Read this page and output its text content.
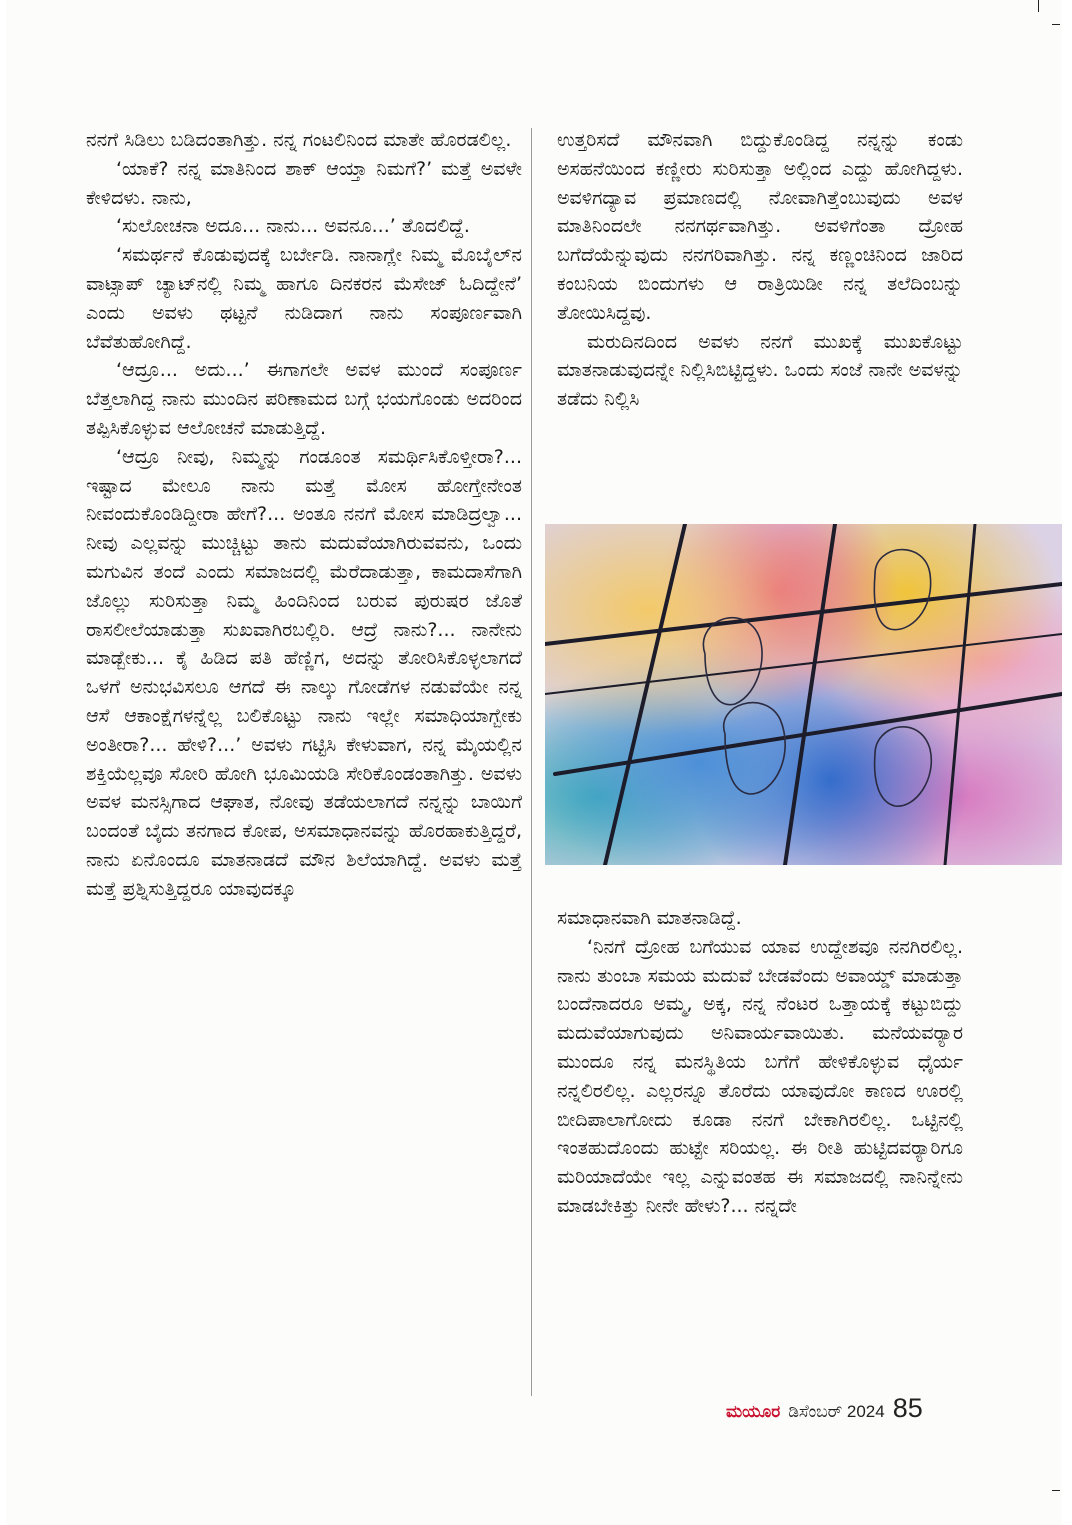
ನನಗೆ ಸಿಡಿಲು ಬಡಿದಂತಾಗಿತ್ತು. ನನ್ನ ಗಂಟಲಿನಿಂದ ಮಾತೇ ಹೊರಡಲಿಲ್ಲ.

‘ಯಾಕೆ? ನನ್ನ ಮಾತಿನಿಂದ ಶಾಕ್ ಆಯ್ತಾ ನಿಮಗೆ?’ ಮತ್ತೆ ಅವಳೇ ಕೇಳಿದಳು. ನಾನು,

‘ಸುಲೋಚನಾ ಅದೂ... ನಾನು... ಅವನೂ...’ ತೊದಲಿದ್ದೆ.

‘ಸಮರ್ಥನೆ ಕೊಡುವುದಕ್ಕೆ ಬರ್ಬೇಡಿ. ನಾನಾಗ್ಲೇ ನಿಮ್ಮ ಮೊಬೈಲ್‌ನ ವಾಟ್ಸಾಪ್ ಚ್ಯಾಟ್‌ನಲ್ಲಿ ನಿಮ್ಮ ಹಾಗೂ ದಿನಕರನ ಮೆಸೇಜ್ ಓದಿದ್ದೇನೆ’ ಎಂದು ಅವಳು ಥಟ್ಟನೆ ನುಡಿದಾಗ ನಾನು ಸಂಪೂರ್ಣವಾಗಿ ಬೆವೆತುಹೋಗಿದ್ದೆ.

‘ಆದ್ರೂ... ಅದು...’ ಈಗಾಗಲೇ ಅವಳ ಮುಂದೆ ಸಂಪೂರ್ಣ ಬೆತ್ತಲಾಗಿದ್ದ ನಾನು ಮುಂದಿನ ಪರಿಣಾಮದ ಬಗ್ಗೆ ಭಯಗೊಂಡು ಅದರಿಂದ ತಪ್ಪಿಸಿಕೊಳ್ಳುವ ಆಲೋಚನೆ ಮಾಡುತ್ತಿದ್ದೆ.

‘ಆದ್ರೂ ನೀವು, ನಿಮ್ಮನ್ನು ಗಂಡೂಂತ ಸಮರ್ಥಿಸಿಕೊಳ್ತೀರಾ?... ಇಷ್ಟಾದ ಮೇಲೂ ನಾನು ಮತ್ತೆ ಮೋಸ ಹೋಗ್ತೇನೇಂತ ನೀವಂದುಕೊಂಡಿದ್ದೀರಾ ಹೇಗೆ?... ಅಂತೂ ನನಗೆ ಮೋಸ ಮಾಡಿದ್ರಲ್ವಾ... ನೀವು ಎಲ್ಲವನ್ನು ಮುಚ್ಚಿಟ್ಟು ತಾನು ಮದುವೆಯಾಗಿರುವವನು, ಒಂದು ಮಗುವಿನ ತಂದೆ ಎಂದು ಸಮಾಜದಲ್ಲಿ ಮೆರೆದಾಡುತ್ತಾ, ಕಾಮದಾಸೆಗಾಗಿ ಜೊಲ್ಲು ಸುರಿಸುತ್ತಾ ನಿಮ್ಮ ಹಿಂದಿನಿಂದ ಬರುವ ಪುರುಷರ ಜೊತೆ ರಾಸಲೀಲೆಯಾಡುತ್ತಾ ಸುಖವಾಗಿರಬಲ್ಲಿರಿ. ಆದ್ರೆ ನಾನು?... ನಾನೇನು ಮಾಡ್ಬೇಕು... ಕೈ ಹಿಡಿದ ಪತಿ ಹೆಣ್ಣಿಗ, ಅದನ್ನು ತೋರಿಸಿಕೊಳ್ಳಲಾಗದೆ ಒಳಗೆ ಅನುಭವಿಸಲೂ ಆಗದೆ ಈ ನಾಲ್ಕು ಗೋಡೆಗಳ ನಡುವೆಯೇ ನನ್ನ ಆಸೆ ಆಕಾಂಕ್ಷೆಗಳನ್ನೆಲ್ಲ ಬಲಿಕೊಟ್ಟು ನಾನು ಇಲ್ಲೇ ಸಮಾಧಿಯಾಗ್ಬೇಕು ಅಂತೀರಾ?... ಹೇಳಿ?...’ ಅವಳು ಗಟ್ಟಿಸಿ ಕೇಳುವಾಗ, ನನ್ನ ಮೈಯಲ್ಲಿನ ಶಕ್ತಿಯೆಲ್ಲವೂ ಸೋರಿ ಹೋಗಿ ಭೂಮಿಯಡಿ ಸೇರಿಕೊಂಡಂತಾಗಿತ್ತು. ಅವಳು ಅವಳ ಮನಸ್ಸಿಗಾದ ಆಘಾತ, ನೋವು ತಡೆಯಲಾಗದೆ ನನ್ನನ್ನು ಬಾಯಿಗೆ ಬಂದಂತೆ ಬೈದು ತನಗಾದ ಕೋಪ, ಅಸಮಾಧಾನವನ್ನು ಹೊರಹಾಕುತ್ತಿದ್ದರೆ, ನಾನು ಏನೊಂದೂ ಮಾತನಾಡದೆ ಮೌನ ಶಿಲೆಯಾಗಿದ್ದೆ. ಅವಳು ಮತ್ತೆ ಮತ್ತೆ ಪ್ರಶ್ನಿಸುತ್ತಿದ್ದರೂ ಯಾವುದಕ್ಕೂ

ಉತ್ತರಿಸದೆ ಮೌನವಾಗಿ ಬಿದ್ದುಕೊಂಡಿದ್ದ ನನ್ನನ್ನು ಕಂಡು ಅಸಹನೆಯಿಂದ ಕಣ್ಣೀರು ಸುರಿಸುತ್ತಾ ಅಲ್ಲಿಂದ ಎದ್ದು ಹೋಗಿದ್ದಳು. ಅವಳಿಗದ್ಯಾವ ಪ್ರಮಾಣದಲ್ಲಿ ನೋವಾಗಿತ್ತೆಂಬುವುದು ಅವಳ ಮಾತಿನಿಂದಲೇ ನನಗರ್ಥವಾಗಿತ್ತು. ಅವಳಿಗೆಂತಾ ದ್ರೋಹ ಬಗೆದೆಯೆನ್ನುವುದು ನನಗರಿವಾಗಿತ್ತು. ನನ್ನ ಕಣ್ಣಂಚಿನಿಂದ ಜಾರಿದ ಕಂಬನಿಯ ಬಿಂದುಗಳು ಆ ರಾತ್ರಿಯಿಡೀ ನನ್ನ ತಲೆದಿಂಬನ್ನು ತೋಯಿಸಿದ್ದವು.

ಮರುದಿನದಿಂದ ಅವಳು ನನಗೆ ಮುಖಕ್ಕೆ ಮುಖಕೊಟ್ಟು ಮಾತನಾಡುವುದನ್ನೇ ನಿಲ್ಲಿಸಿಬಿಟ್ಟಿದ್ದಳು. ಒಂದು ಸಂಜೆ ನಾನೇ ಅವಳನ್ನು ತಡೆದು ನಿಲ್ಲಿಸಿ

ಸಮಾಧಾನವಾಗಿ ಮಾತನಾಡಿದ್ದೆ.

‘ನಿನಗೆ ದ್ರೋಹ ಬಗೆಯುವ ಯಾವ ಉದ್ದೇಶವೂ ನನಗಿರಲಿಲ್ಲ. ನಾನು ತುಂಬಾ ಸಮಯ ಮದುವೆ ಬೇಡವೆಂದು ಅವಾಯ್ಡ್ ಮಾಡುತ್ತಾ ಬಂದೆನಾದರೂ ಅಮ್ಮ, ಅಕ್ಕ, ನನ್ನ ನೆಂಟರ ಒತ್ತಾಯಕ್ಕೆ ಕಟ್ಟುಬಿದ್ದು ಮದುವೆಯಾಗುವುದು ಅನಿವಾರ್ಯವಾಯಿತು. ಮನೆಯವರ್‍ಯಾರ ಮುಂದೂ ನನ್ನ ಮನಸ್ಥಿತಿಯ ಬಗೆಗೆ ಹೇಳಿಕೊಳ್ಳುವ ಧೈರ್ಯ ನನ್ನಲಿರಲಿಲ್ಲ. ಎಲ್ಲರನ್ನೂ ತೊರೆದು ಯಾವುದೋ ಕಾಣದ ಊರಲ್ಲಿ ಬೀದಿಪಾಲಾಗೋದು ಕೂಡಾ ನನಗೆ ಬೇಕಾಗಿರಲಿಲ್ಲ. ಒಟ್ಟಿನಲ್ಲಿ ಇಂತಹುದೊಂದು ಹುಟ್ಟೇ ಸರಿಯಲ್ಲ. ಈ ರೀತಿ ಹುಟ್ಟಿದವರ್‍ಯಾರಿಗೂ ಮರಿಯಾದೆಯೇ ಇಲ್ಲ ಎನ್ನುವಂತಹ ಈ ಸಮಾಜದಲ್ಲಿ ನಾನಿನ್ನೇನು ಮಾಡಬೇಕಿತ್ತು ನೀನೇ ಹೇಳು?... ನನ್ನದೇ

ಮಯೂರ ಡಿಸೆಂಬರ್ 2024 85
